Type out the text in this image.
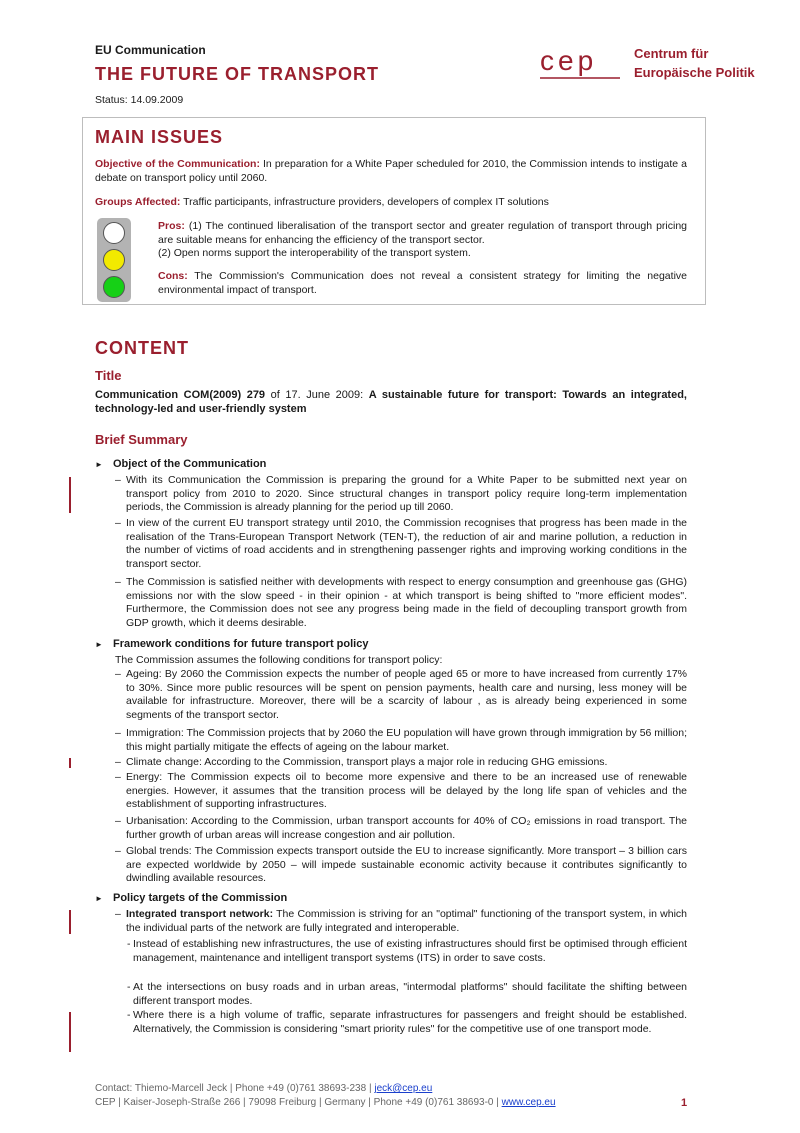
EU Communication
THE FUTURE OF TRANSPORT
Status: 14.09.2009
cep	Centrum für
Europäische Politik
MAIN ISSUES
Objective of the Communication: In preparation for a White Paper scheduled for 2010, the Commission intends to instigate a debate on transport policy until 2060.
Groups Affected: Traffic participants, infrastructure providers, developers of complex IT solutions
Pros: (1) The continued liberalisation of the transport sector and greater regulation of transport through pricing are suitable means for enhancing the efficiency of the transport sector.
(2) Open norms support the interoperability of the transport system.
Cons: The Commission's Communication does not reveal a consistent strategy for limiting the negative environmental impact of transport.
CONTENT
Title
Communication COM(2009) 279 of 17. June 2009: A sustainable future for transport: Towards an integrated, technology-led and user-friendly system
Brief Summary
► Object of the Communication
– With its Communication the Commission is preparing the ground for a White Paper to be submitted next year on transport policy from 2010 to 2020. Since structural changes in transport policy require long-term implementation periods, the Commission is already planning for the period up till 2060.
– In view of the current EU transport strategy until 2010, the Commission recognises that progress has been made in the realisation of the Trans-European Transport Network (TEN-T), the reduction of air and marine pollution, a reduction in the number of victims of road accidents and in strengthening passenger rights and improving working conditions in the transport sector.
– The Commission is satisfied neither with developments with respect to energy consumption and greenhouse gas (GHG) emissions nor with the slow speed - in their opinion - at which transport is being shifted to "more efficient modes". Furthermore, the Commission does not see any progress being made in the field of decoupling transport growth from GDP growth, which it deems desirable.
► Framework conditions for future transport policy
The Commission assumes the following conditions for transport policy:
– Ageing: By 2060 the Commission expects the number of people aged 65 or more to have increased from currently 17% to 30%. Since more public resources will be spent on pension payments, health care and nursing, less money will be available for infrastructure. Moreover, there will be a scarcity of labour , as is already being experienced in some segments of the transport sector.
– Immigration: The Commission projects that by 2060 the EU population will have grown through immigration by 56 million; this might partially mitigate the effects of ageing on the labour market.
– Climate change: According to the Commission, transport plays a major role in reducing GHG emissions.
– Energy: The Commission expects oil to become more expensive and there to be an increased use of renewable energies. However, it assumes that the transition process will be delayed by the long life span of vehicles and the establishment of supporting infrastructures.
– Urbanisation: According to the Commission, urban transport accounts for 40% of CO₂ emissions in road transport. The further growth of urban areas will increase congestion and air pollution.
– Global trends: The Commission expects transport outside the EU to increase significantly. More transport – 3 billion cars are expected worldwide by 2050 – will impede sustainable economic activity because it contributes significantly to dwindling available resources.
► Policy targets of the Commission
– Integrated transport network: The Commission is striving for an "optimal" functioning of the transport system, in which the individual parts of the network are fully integrated and interoperable.
- Instead of establishing new infrastructures, the use of existing infrastructures should first be optimised through efficient management, maintenance and intelligent transport systems (ITS) in order to save costs.
- At the intersections on busy roads and in urban areas, "intermodal platforms" should facilitate the shifting between different transport modes.
- Where there is a high volume of traffic, separate infrastructures for passengers and freight should be established. Alternatively, the Commission is considering "smart priority rules" for the competitive use of one transport mode.
Contact: Thiemo-Marcell Jeck | Phone +49 (0)761 38693-238 | jeck@cep.eu
CEP | Kaiser-Joseph-Straße 266 | 79098 Freiburg | Germany | Phone +49 (0)761 38693-0 | www.cep.eu	1
